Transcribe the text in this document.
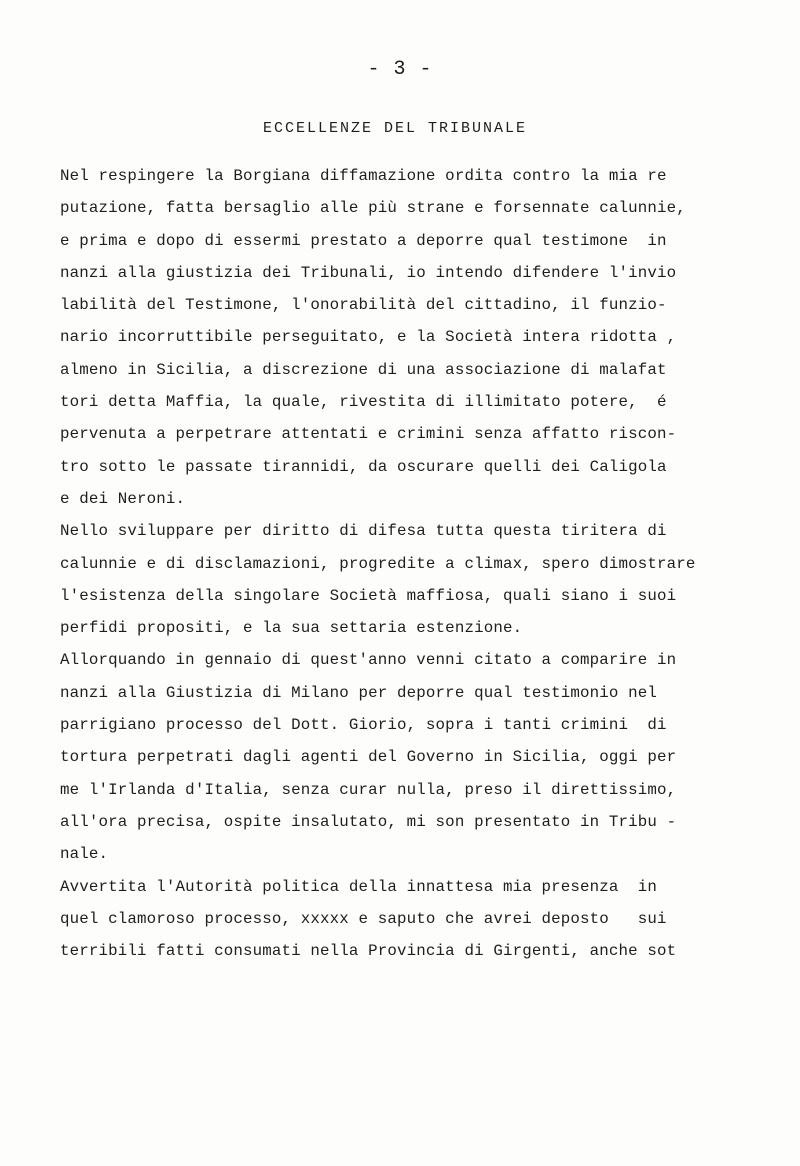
- 3 -
ECCELLENZE DEL TRIBUNALE
Nel respingere la Borgiana diffamazione ordita contro la mia re
putazione, fatta bersaglio alle più strane e forsennate calunnie,
e prima e dopo di essermi prestato a deporre qual testimone  in
nanzi alla giustizia dei Tribunali, io intendo difendere l'invio
labilità del Testimone, l'onorabilità del cittadino, il funzio-
nario incorruttibile perseguitato, e la Società intera ridotta ,
almeno in Sicilia, a discrezione di una associazione di malafat
tori detta Maffia, la quale, rivestita di illimitato potere,  é
pervenuta a perpetrare attentati e crimini senza affatto riscon-
tro sotto le passate tirannidi, da oscurare quelli dei Caligola
e dei Neroni.
Nello sviluppare per diritto di difesa tutta questa tiritera di
calunnie e di disclamazioni, progredite a climax, spero dimostrare
l'esistenza della singolare Società maffiosa, quali siano i suoi
perfidi propositi, e la sua settaria estenzione.
Allorquando in gennaio di quest'anno venni citato a comparire in
nanzi alla Giustizia di Milano per deporre qual testimonio nel
parrigiano processo del Dott. Giorio, sopra i tanti crimini  di
tortura perpetrati dagli agenti del Governo in Sicilia, oggi per
me l'Irlanda d'Italia, senza curar nulla, preso il direttissimo,
all'ora precisa, ospite insalutato, mi son presentato in Tribu -
nale.
Avvertita l'Autorità politica della innattesa mia presenza  in
quel clamoroso processo, xxxxx e saputo che avrei deposto   sui
terribili fatti consumati nella Provincia di Girgenti, anche sot
